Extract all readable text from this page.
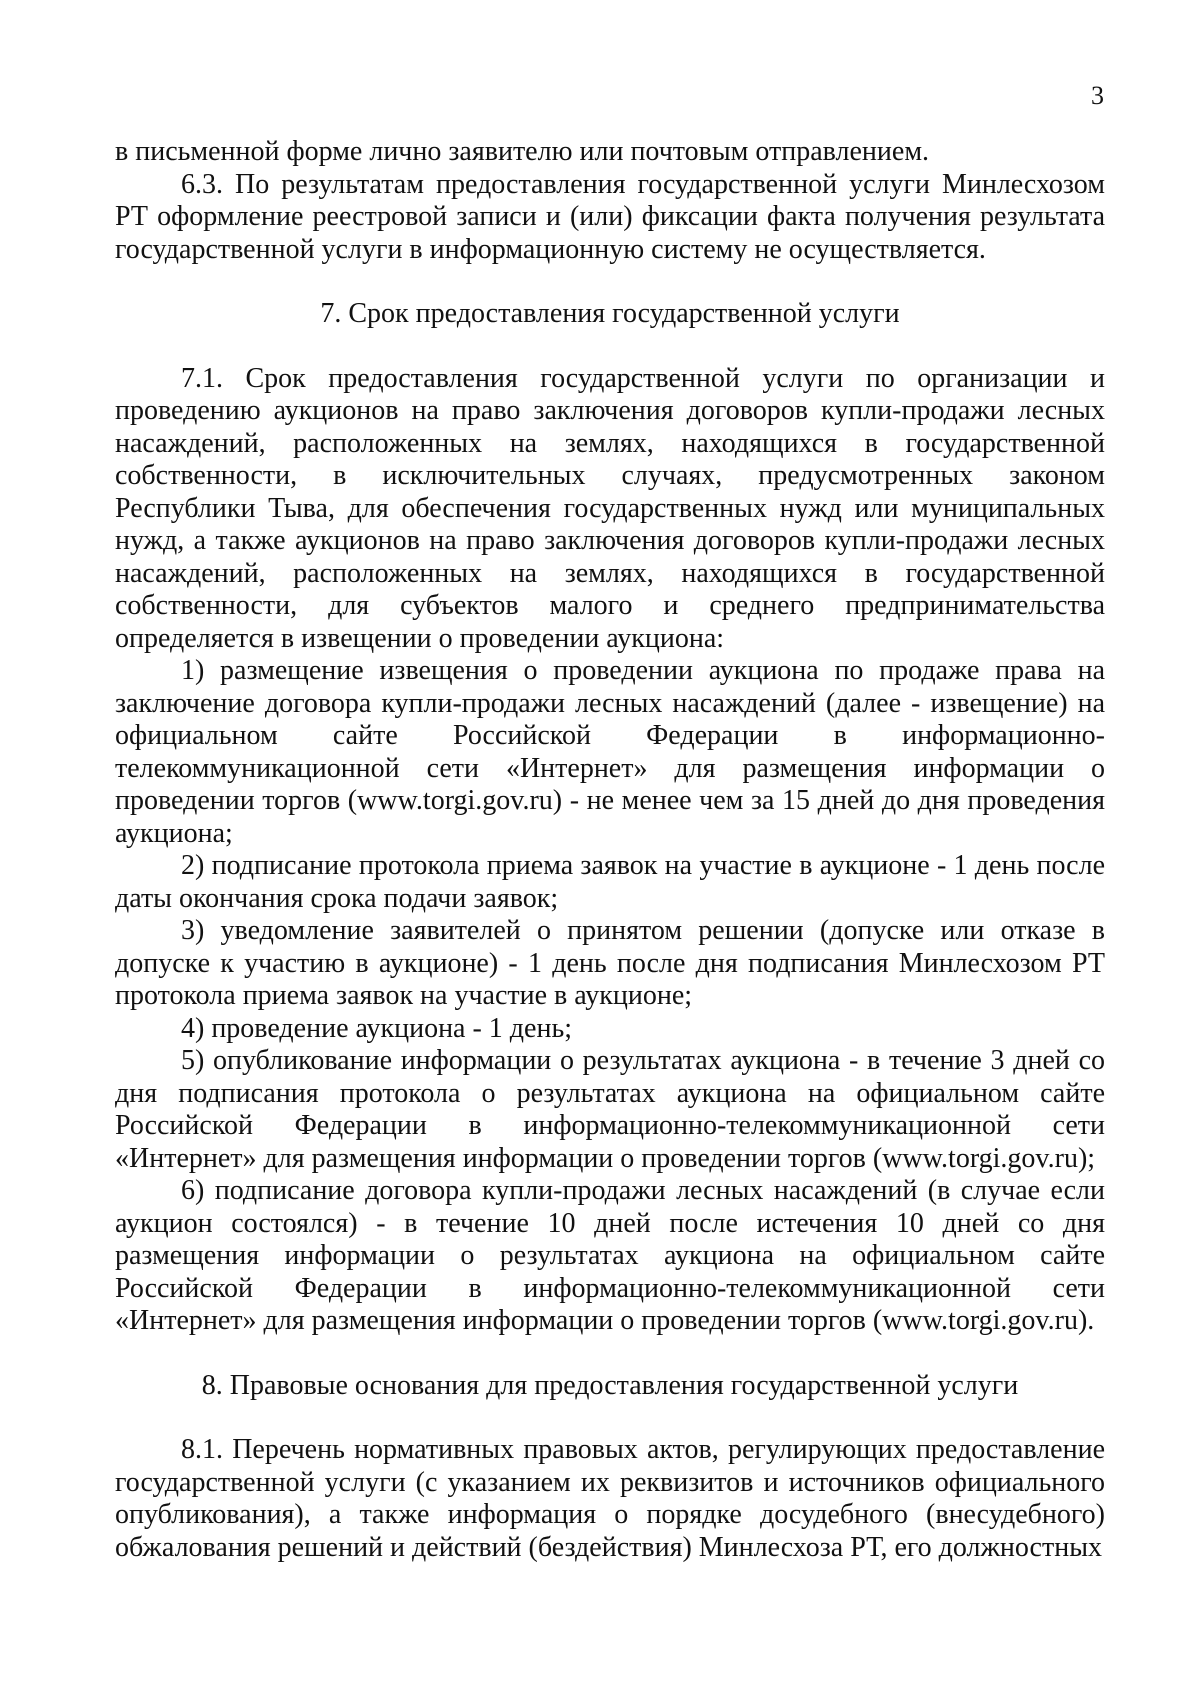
3

в письменной форме лично заявителю или почтовым отправлением.

6.3. По результатам предоставления государственной услуги Минлесхозом РТ оформление реестровой записи и (или) фиксации факта получения результата государственной услуги в информационную систему не осуществляется.

7. Срок предоставления государственной услуги

7.1. Срок предоставления государственной услуги по организации и проведению аукционов на право заключения договоров купли-продажи лесных насаждений, расположенных на землях, находящихся в государственной собственности, в исключительных случаях, предусмотренных законом Республики Тыва, для обеспечения государственных нужд или муниципальных нужд, а также аукционов на право заключения договоров купли-продажи лесных насаждений, расположенных на землях, находящихся в государственной собственности, для субъектов малого и среднего предпринимательства определяется в извещении о проведении аукциона:

1) размещение извещения о проведении аукциона по продаже права на заключение договора купли-продажи лесных насаждений (далее - извещение) на официальном сайте Российской Федерации в информационно-телекоммуникационной сети «Интернет» для размещения информации о проведении торгов (www.torgi.gov.ru) - не менее чем за 15 дней до дня проведения аукциона;

2) подписание протокола приема заявок на участие в аукционе - 1 день после даты окончания срока подачи заявок;

3) уведомление заявителей о принятом решении (допуске или отказе в допуске к участию в аукционе) - 1 день после дня подписания Минлесхозом РТ протокола приема заявок на участие в аукционе;

4) проведение аукциона - 1 день;

5) опубликование информации о результатах аукциона - в течение 3 дней со дня подписания протокола о результатах аукциона на официальном сайте Российской Федерации в информационно-телекоммуникационной сети «Интернет» для размещения информации о проведении торгов (www.torgi.gov.ru);

6) подписание договора купли-продажи лесных насаждений (в случае если аукцион состоялся) - в течение 10 дней после истечения 10 дней со дня размещения информации о результатах аукциона на официальном сайте Российской Федерации в информационно-телекоммуникационной сети «Интернет» для размещения информации о проведении торгов (www.torgi.gov.ru).

8. Правовые основания для предоставления государственной услуги

8.1. Перечень нормативных правовых актов, регулирующих предоставление государственной услуги (с указанием их реквизитов и источников официального опубликования), а также информация о порядке досудебного (внесудебного) обжалования решений и действий (бездействия) Минлесхоза РТ, его должностных
